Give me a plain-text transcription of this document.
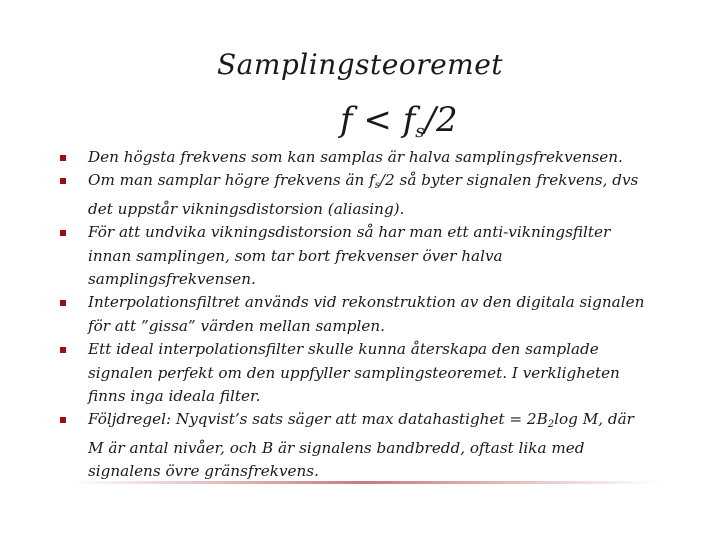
Samplingsteoremet
$f < f_s/2$
Den högsta frekvens som kan samplas är halva samplingsfrekvensen.
Om man samplar högre frekvens än $f_s/2$ så byter signalen frekvens, dvs det uppstår vikningsdistorsion (aliasing).
För att undvika vikningsdistorsion så har man ett anti-vikningsfilter innan samplingen, som tar bort frekvenser över halva samplingsfrekvensen.
Interpolationsfiltret används vid rekonstruktion av den digitala signalen för att ”gissa” värden mellan samplen.
Ett ideal interpolationsfilter skulle kunna återskapa den samplade signalen perfekt om den uppfyller samplingsteoremet. I verkligheten finns inga ideala filter.
Följdregel: Nyqvist’s sats säger att max datahastighet = $2B_2\log$ M, där M är antal nivåer, och B är signalens bandbredd, oftast lika med signalens övre gränsfrekvens.
